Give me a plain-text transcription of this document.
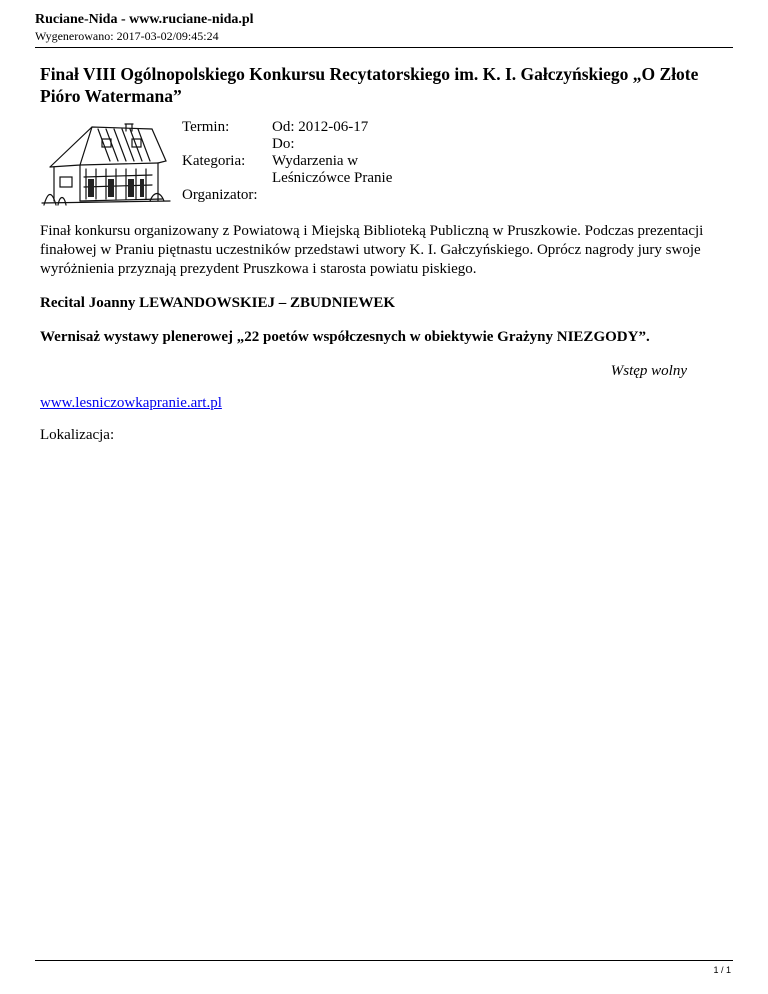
Ruciane-Nida - www.ruciane-nida.pl
Wygenerowano: 2017-03-02/09:45:24
Finał VIII Ogólnopolskiego Konkursu Recytatorskiego im. K. I. Gałczyńskiego „O Złote Pióro Watermana”
Termin:	Od: 2012-06-17
Do:
Kategoria:	Wydarzenia w Leśniczówce Pranie
Organizator:

Finał konkursu organizowany z Powiatową i Miejską Biblioteką Publiczną w Pruszkowie. Podczas prezentacji finałowej w Praniu piętnastu uczestników przedstawi utwory K. I. Gałczyńskiego. Oprócz nagrody jury swoje wyróżnienia przyznają prezydent Pruszkowa i starosta powiatu piskiego.

Recital Joanny LEWANDOWSKIEJ – ZBUDNIEWEK

Wernisaż wystawy plenerowej „22 poetów współczesnych w obiektywie Grażyny NIEZGODY”.

Wstęp wolny

www.lesniczowkapranie.art.pl

Lokalizacja:

1 / 1
